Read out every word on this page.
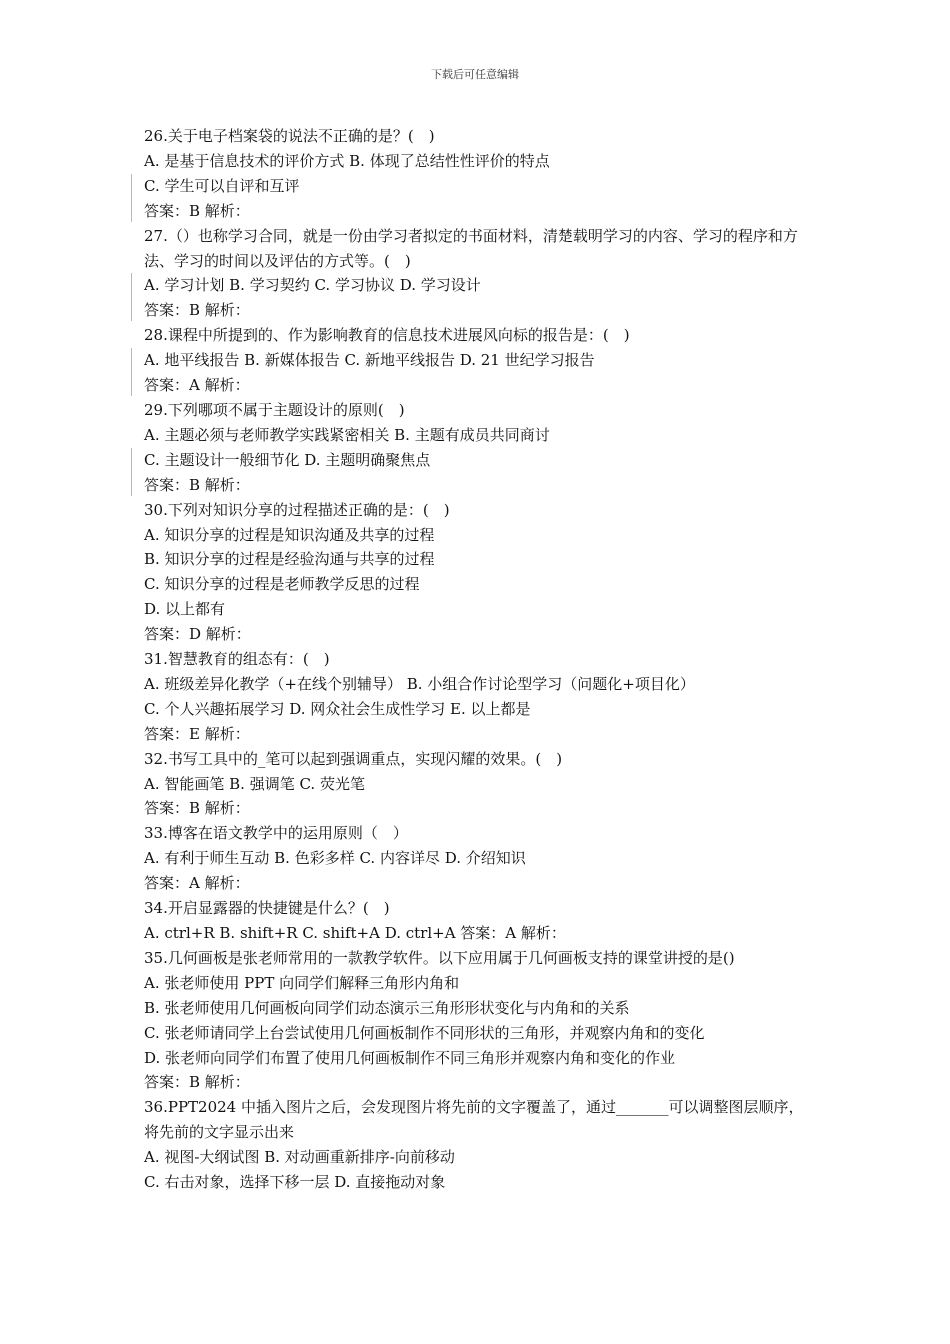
下载后可任意编辑
26.关于电子档案袋的说法不正确的是？(　)
A. 是基于信息技术的评价方式 B. 体现了总结性性评价的特点
C. 学生可以自评和互评
答案：B 解析：
27.（）也称学习合同，就是一份由学习者拟定的书面材料，清楚载明学习的内容、学习的程序和方法、学习的时间以及评估的方式等。(　)
A. 学习计划 B. 学习契约 C. 学习协议 D. 学习设计
答案：B 解析：
28.课程中所提到的、作为影响教育的信息技术进展风向标的报告是：(　)
A. 地平线报告 B. 新媒体报告 C. 新地平线报告 D. 21 世纪学习报告
答案：A 解析：
29.下列哪项不属于主题设计的原则(　)
A. 主题必须与老师教学实践紧密相关 B. 主题有成员共同商讨
C. 主题设计一般细节化 D. 主题明确聚焦点
答案：B 解析：
30.下列对知识分享的过程描述正确的是：(　)
A. 知识分享的过程是知识沟通及共享的过程
B. 知识分享的过程是经验沟通与共享的过程
C. 知识分享的过程是老师教学反思的过程
D. 以上都有
答案：D 解析：
31.智慧教育的组态有：(　)
A. 班级差异化教学（+在线个别辅导） B. 小组合作讨论型学习（问题化+项目化）
C. 个人兴趣拓展学习 D. 网众社会生成性学习 E. 以上都是
答案：E 解析：
32.书写工具中的_笔可以起到强调重点，实现闪耀的效果。(　)
A. 智能画笔 B. 强调笔 C. 荧光笔
答案：B 解析：
33.博客在语文教学中的运用原则（　）
A. 有利于师生互动 B. 色彩多样 C. 内容详尽 D. 介绍知识
答案：A 解析：
34.开启显露器的快捷键是什么？(　)
A. ctrl+R B. shift+R C. shift+A D. ctrl+A 答案：A 解析：
35.几何画板是张老师常用的一款教学软件。以下应用属于几何画板支持的课堂讲授的是()
A. 张老师使用 PPT 向同学们解释三角形内角和
B. 张老师使用几何画板向同学们动态演示三角形形状变化与内角和的关系
C. 张老师请同学上台尝试使用几何画板制作不同形状的三角形，并观察内角和的变化
D. 张老师向同学们布置了使用几何画板制作不同三角形并观察内角和变化的作业
答案：B 解析：
36.PPT2024 中插入图片之后，会发现图片将先前的文字覆盖了，通过_______可以调整图层顺序，将先前的文字显示出来
A. 视图-大纲试图 B. 对动画重新排序-向前移动
C. 右击对象，选择下移一层 D. 直接拖动对象
